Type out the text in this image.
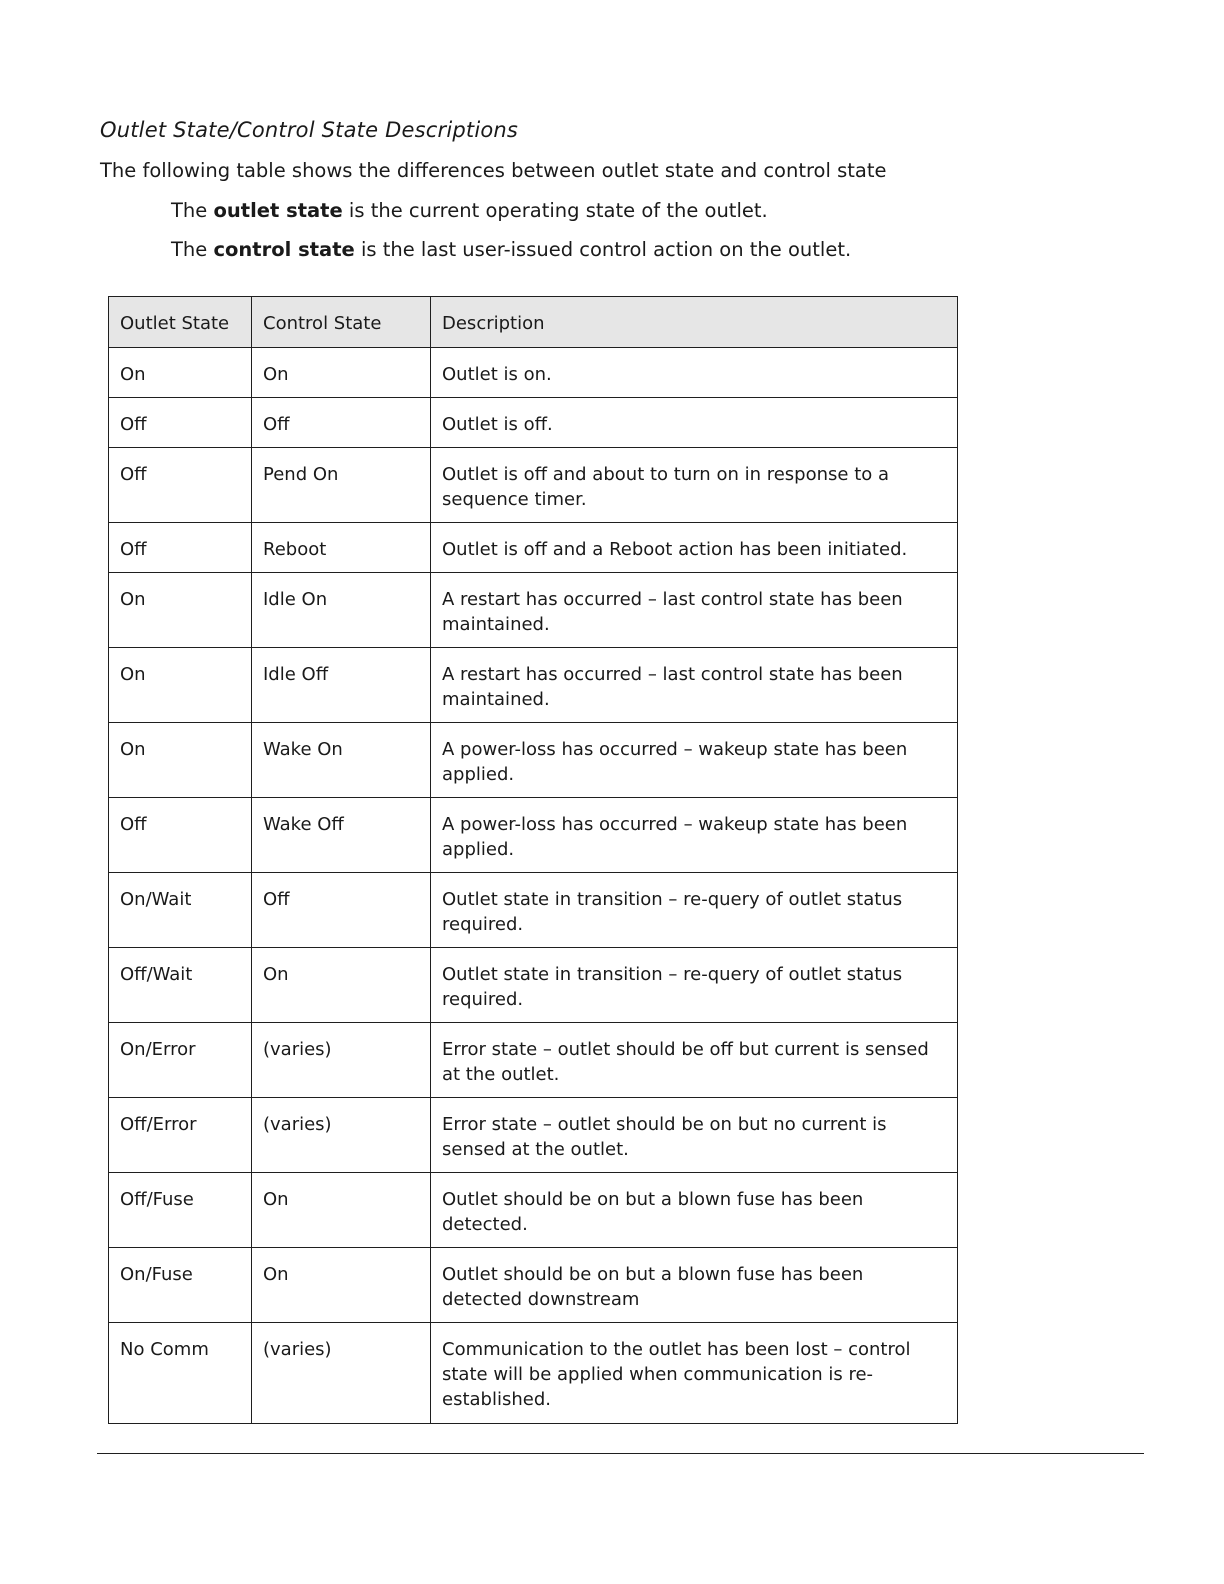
Outlet State/Control State Descriptions

The following table shows the differences between outlet state and control state

The outlet state is the current operating state of the outlet.

The control state is the last user-issued control action on the outlet.

Outlet State	Control State	Description
On	On	Outlet is on.
Off	Off	Outlet is off.
Off	Pend On	Outlet is off and about to turn on in response to a sequence timer.
Off	Reboot	Outlet is off and a Reboot action has been initiated.
On	Idle On	A restart has occurred – last control state has been maintained.
On	Idle Off	A restart has occurred – last control state has been maintained.
On	Wake On	A power-loss has occurred – wakeup state has been applied.
Off	Wake Off	A power-loss has occurred – wakeup state has been applied.
On/Wait	Off	Outlet state in transition – re-query of outlet status required.
Off/Wait	On	Outlet state in transition – re-query of outlet status required.
On/Error	(varies)	Error state – outlet should be off but current is sensed at the outlet.
Off/Error	(varies)	Error state – outlet should be on but no current is sensed at the outlet.
Off/Fuse	On	Outlet should be on but a blown fuse has been detected.
On/Fuse	On	Outlet should be on but a blown fuse has been detected downstream
No Comm	(varies)	Communication to the outlet has been lost – control state will be applied when communication is re-established.
